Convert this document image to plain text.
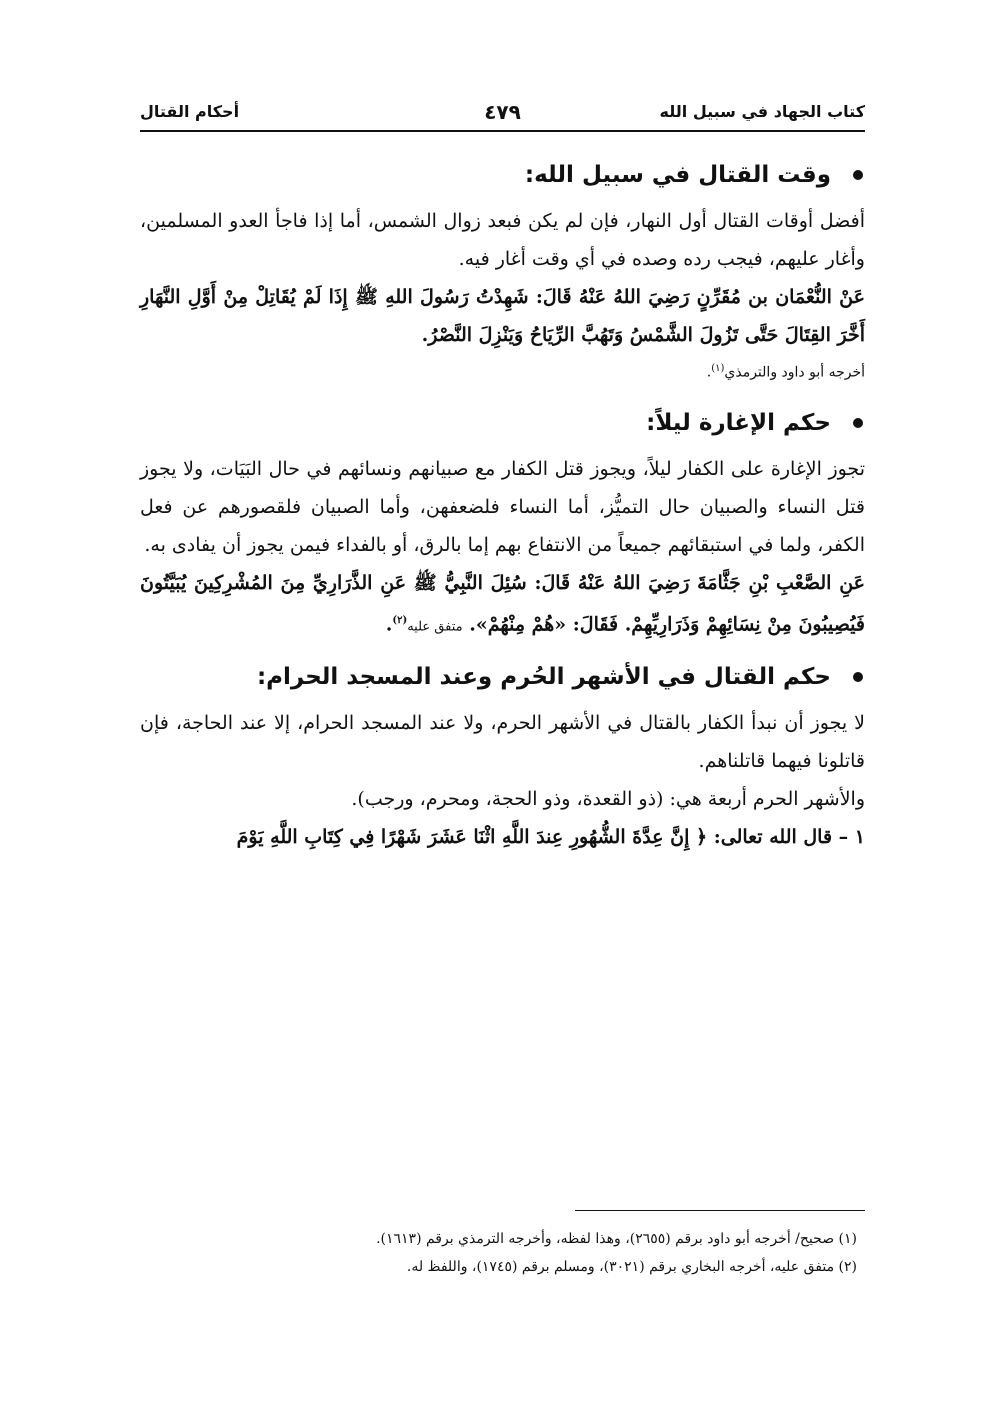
كتاب الجهاد في سبيل الله
٤٧٩
أحكام القتال
وقت القتال في سبيل الله:

أفضل أوقات القتال أول النهار، فإن لم يكن فبعد زوال الشمس، أما إذا فاجأ العدو المسلمين، وأغار عليهم، فيجب رده وصده في أي وقت أغار فيه.

عَنْ النُّعْمَان بن مُقَرِّنٍ رَضِيَ اللهُ عَنْهُ قَالَ: شَهِدْتُ رَسُولَ اللهِ ﷺ إِذَا لَمْ يُقَاتِلْ مِنْ أَوَّلِ النَّهَارِ أَخَّرَ القِتَالَ حَتَّى تَزُولَ الشَّمْسُ وَتَهُبَّ الرِّيَاحُ وَيَنْزِلَ النَّصْرُ.

أخرجه أبو داود والترمذي$^{(١)}$.

حكم الإغارة ليلاً:

تجوز الإغارة على الكفار ليلاً، ويجوز قتل الكفار مع صبيانهم ونسائهم في حال البَيَات، ولا يجوز قتل النساء والصبيان حال التميُّز، أما النساء فلضعفهن، وأما الصبيان فلقصورهم عن فعل الكفر، ولما في استبقائهم جميعاً من الانتفاع بهم إما بالرق، أو بالفداء فيمن يجوز أن يفادى به.

عَنِ الصَّعْبِ بْنِ جَثَّامَةَ رَضِيَ اللهُ عَنْهُ قَالَ: سُئِلَ النَّبِيُّ ﷺ عَنِ الذَّرَارِيِّ مِنَ المُشْرِكِينَ يُبَيَّتُونَ فَيُصِيبُونَ مِنْ نِسَائِهِمْ وَذَرَارِيِّهِمْ. فَقَالَ: «هُمْ مِنْهُمْ». متفق عليه$^{(٢)}$.

حكم القتال في الأشهر الحُرم وعند المسجد الحرام:

لا يجوز أن نبدأ الكفار بالقتال في الأشهر الحرم، ولا عند المسجد الحرام، إلا عند الحاجة، فإن قاتلونا فيهما قاتلناهم.

والأشهر الحرم أربعة هي: (ذو القعدة، وذو الحجة، ومحرم، ورجب).

١ – قال الله تعالى: ﴿ إِنَّ عِدَّةَ الشُّهُورِ عِندَ اللَّهِ اثْنَا عَشَرَ شَهْرًا فِي كِتَابِ اللَّهِ يَوْمَ

(١) صحيح/ أخرجه أبو داود برقم (٢٦٥٥)، وهذا لفظه، وأخرجه الترمذي برقم (١٦١٣).

(٢) متفق عليه، أخرجه البخاري برقم (٣٠٢١)، ومسلم برقم (١٧٤٥)، واللفظ له.
